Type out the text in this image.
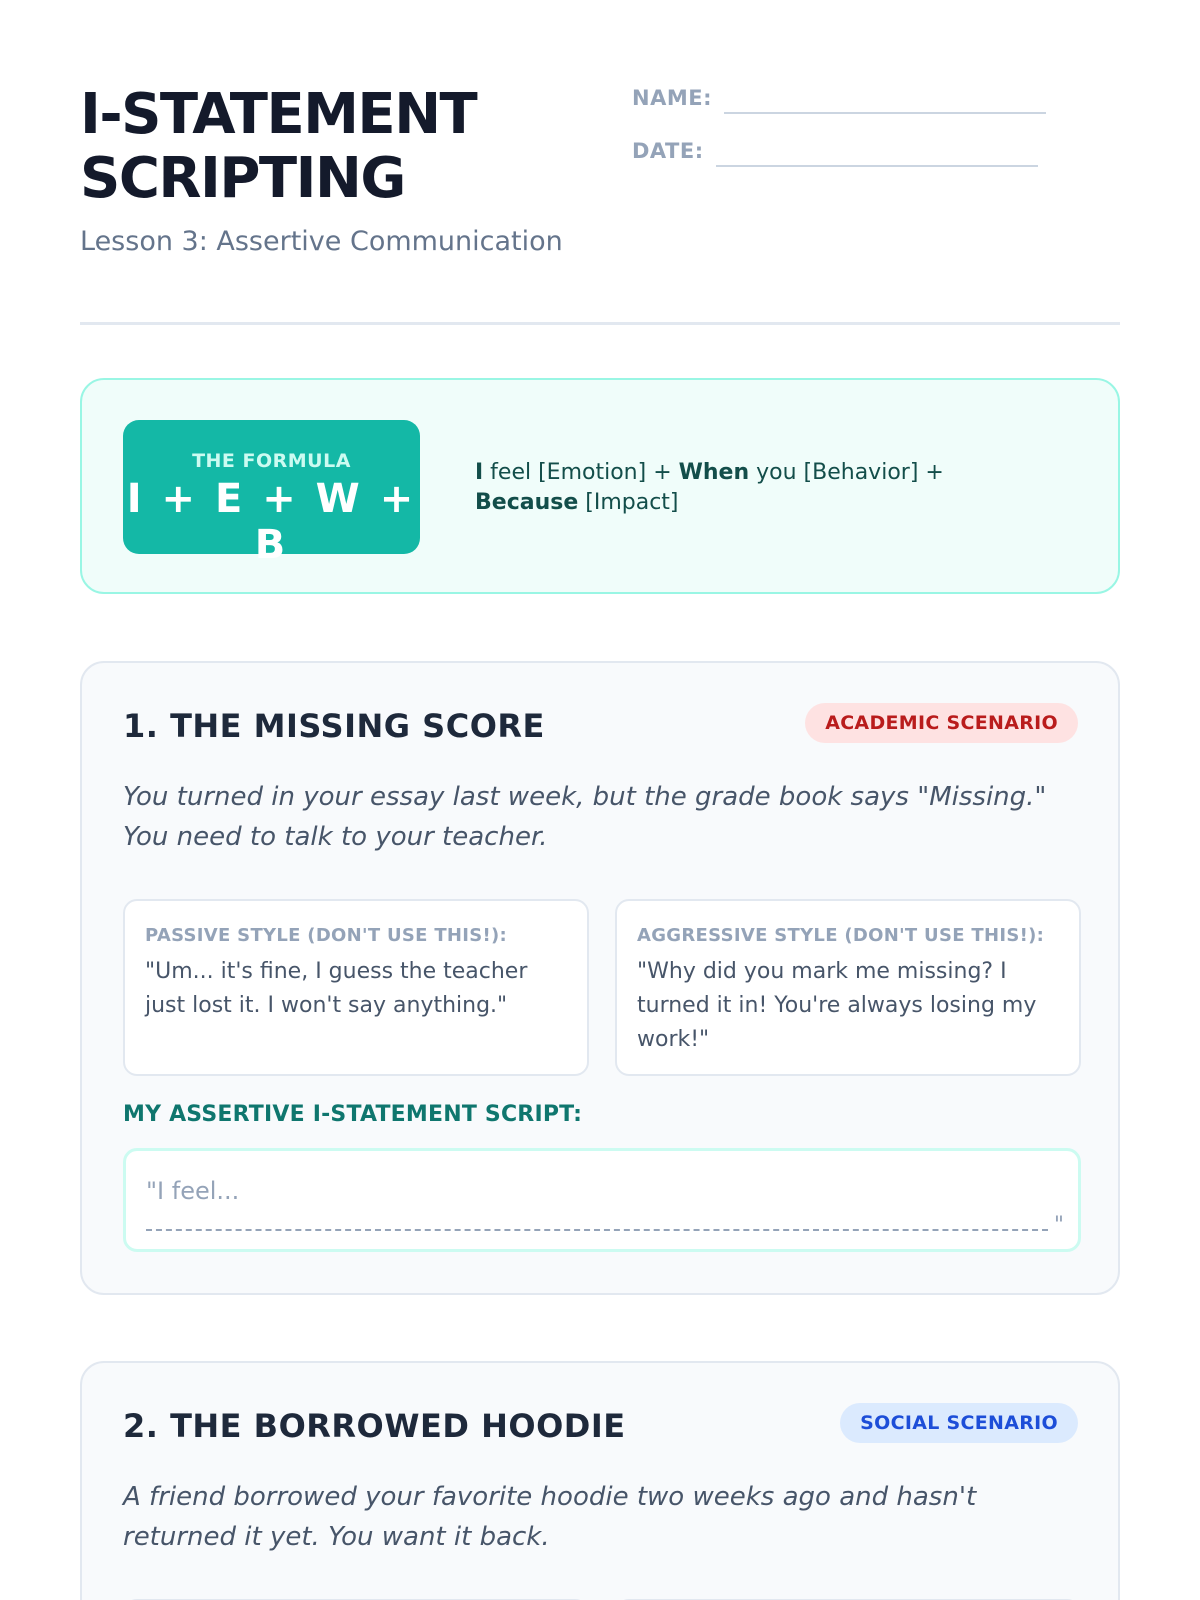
I-STATEMENT
SCRIPTING
Lesson 3: Assertive Communication
NAME:
DATE:
THE FORMULA
I + E + W + B
I feel [Emotion] + When you [Behavior] + Because [Impact]
1. THE MISSING SCORE	ACADEMIC SCENARIO
You turned in your essay last week, but the grade book says "Missing." You need to talk to your teacher.
PASSIVE STYLE (DON'T USE THIS!):
"Um... it's fine, I guess the teacher just lost it. I won't say anything."
AGGRESSIVE STYLE (DON'T USE THIS!):
"Why did you mark me missing? I turned it in! You're always losing my work!"
MY ASSERTIVE I-STATEMENT SCRIPT:
"I feel...
"
2. THE BORROWED HOODIE	SOCIAL SCENARIO
A friend borrowed your favorite hoodie two weeks ago and hasn't returned it yet. You want it back.
